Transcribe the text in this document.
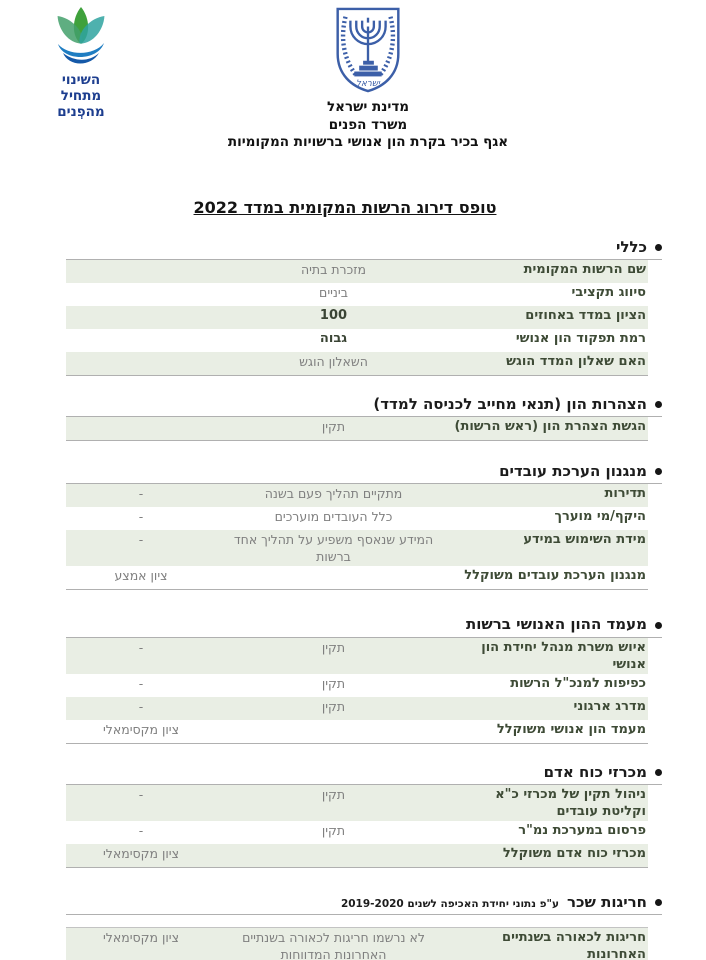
השינוי
מתחיל
מהפְנים
ישראל
מדינת ישראל
משרד הפנים
אגף בכיר בקרת הון אנושי ברשויות המקומיות
טופס דירוג הרשות המקומית במדד 2022
כללי
שם הרשות המקומית
מזכרת בתיה
סיווג תקציבי
ביניים
הציון במדד באחוזים
100
רמת תפקוד הון אנושי
גבוה
האם שאלון המדד הוגש
השאלון הוגש
הצהרות הון (תנאי מחייב לכניסה למדד)
הגשת הצהרת הון (ראש הרשות)
תקין
מנגנון הערכת עובדים
תדירות
מתקיים תהליך פעם בשנה
-
היקף/מי מוערך
כלל העובדים מוערכים
-
מידת השימוש במידע
המידע שנאסף משפיע על תהליך אחד ברשות
-
מנגנון הערכת עובדים משוקלל
ציון אמצע
מעמד ההון האנושי ברשות
איוש משרת מנהל יחידת הון אנושי
תקין
-
כפיפות למנכ"ל הרשות
תקין
-
מדרג ארגוני
תקין
-
מעמד הון אנושי משוקלל
ציון מקסימאלי
מכרזי כוח אדם
ניהול תקין של מכרזי כ"א וקליטת עובדים
תקין
-
פרסום במערכת נמ"ר
תקין
-
מכרזי כוח אדם משוקלל
ציון מקסימאלי
חריגות שכר
ע"פ נתוני יחידת האכיפה לשנים 2019-2020
חריגות לכאורה בשנתיים האחרונות
לא נרשמו חריגות לכאורה בשנתיים האחרונות המדווחות
ציון מקסימאלי
